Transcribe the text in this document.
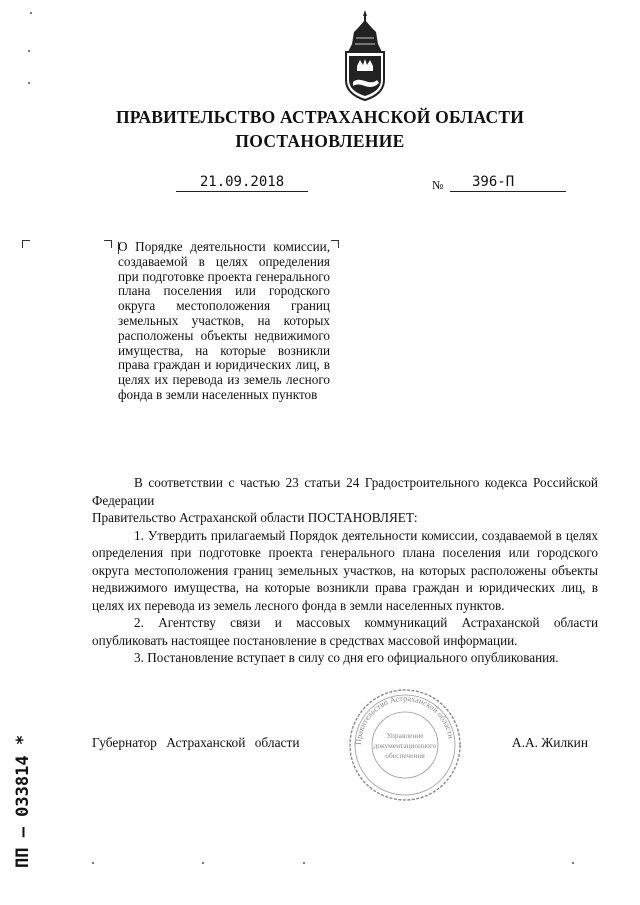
ПРАВИТЕЛЬСТВО АСТРАХАНСКОЙ ОБЛАСТИ
ПОСТАНОВЛЕНИЕ
21.09.2018	№	396-П
О Порядке деятельности комиссии, создаваемой в целях определения при подготовке проекта генерального плана поселения или городского округа местоположения границ земельных участков, на которых расположены объекты недвижимого имущества, на которые возникли права граждан и юридических лиц, в целях их перевода из земель лесного фонда в земли населенных пунктов

В соответствии с частью 23 статьи 24 Градостроительного кодекса Российской Федерации

Правительство Астраханской области ПОСТАНОВЛЯЕТ:

1. Утвердить прилагаемый Порядок деятельности комиссии, создаваемой в целях определения при подготовке проекта генерального плана поселения или городского округа местоположения границ земельных участков, на которых расположены объекты недвижимого имущества, на которые возникли права граждан и юридических лиц, в целях их перевода из земель лесного фонда в земли населенных пунктов.

2. Агентству связи и массовых коммуникаций Астраханской области опубликовать настоящее постановление в средствах массовой информации.

3. Постановление вступает в силу со дня его официального опубликования.

Губернатор Астраханской области	А.А. Жилкин
Правительство Астраханской области
Управление
документационного
обеспечения
ПП — 033814 *
